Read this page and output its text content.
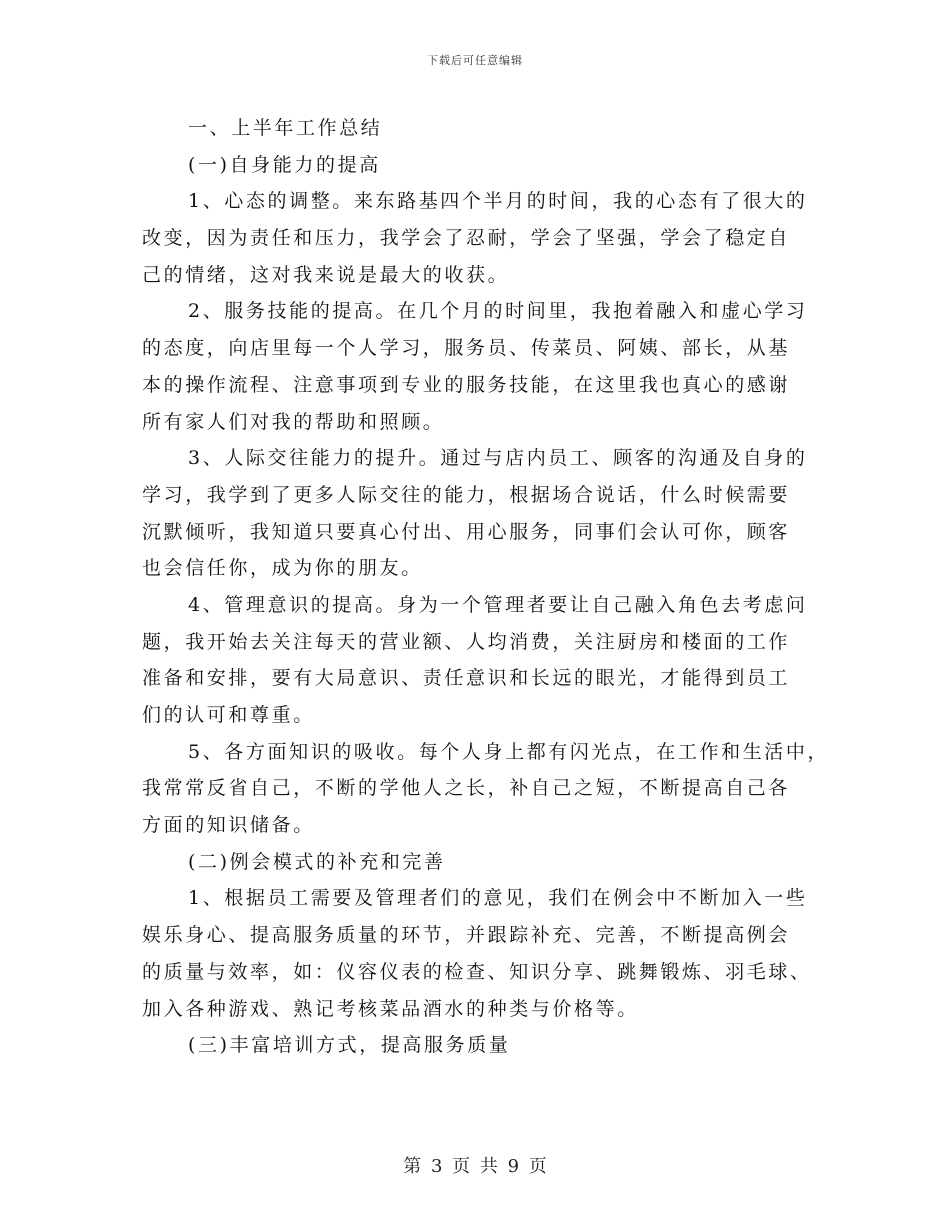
下载后可任意编辑
一、上半年工作总结
(一)自身能力的提高
1、心态的调整。来东路基四个半月的时间，我的心态有了很大的
改变，因为责任和压力，我学会了忍耐，学会了坚强，学会了稳定自
己的情绪，这对我来说是最大的收获。
2、服务技能的提高。在几个月的时间里，我抱着融入和虚心学习
的态度，向店里每一个人学习，服务员、传菜员、阿姨、部长，从基
本的操作流程、注意事项到专业的服务技能，在这里我也真心的感谢
所有家人们对我的帮助和照顾。
3、人际交往能力的提升。通过与店内员工、顾客的沟通及自身的
学习，我学到了更多人际交往的能力，根据场合说话，什么时候需要
沉默倾听，我知道只要真心付出、用心服务，同事们会认可你，顾客
也会信任你，成为你的朋友。
4、管理意识的提高。身为一个管理者要让自己融入角色去考虑问
题，我开始去关注每天的营业额、人均消费，关注厨房和楼面的工作
准备和安排，要有大局意识、责任意识和长远的眼光，才能得到员工
们的认可和尊重。
5、各方面知识的吸收。每个人身上都有闪光点，在工作和生活中，
我常常反省自己，不断的学他人之长，补自己之短，不断提高自己各
方面的知识储备。
(二)例会模式的补充和完善
1、根据员工需要及管理者们的意见，我们在例会中不断加入一些
娱乐身心、提高服务质量的环节，并跟踪补充、完善，不断提高例会
的质量与效率，如：仪容仪表的检查、知识分享、跳舞锻炼、羽毛球、
加入各种游戏、熟记考核菜品酒水的种类与价格等。
(三)丰富培训方式，提高服务质量
第 3 页 共 9 页
